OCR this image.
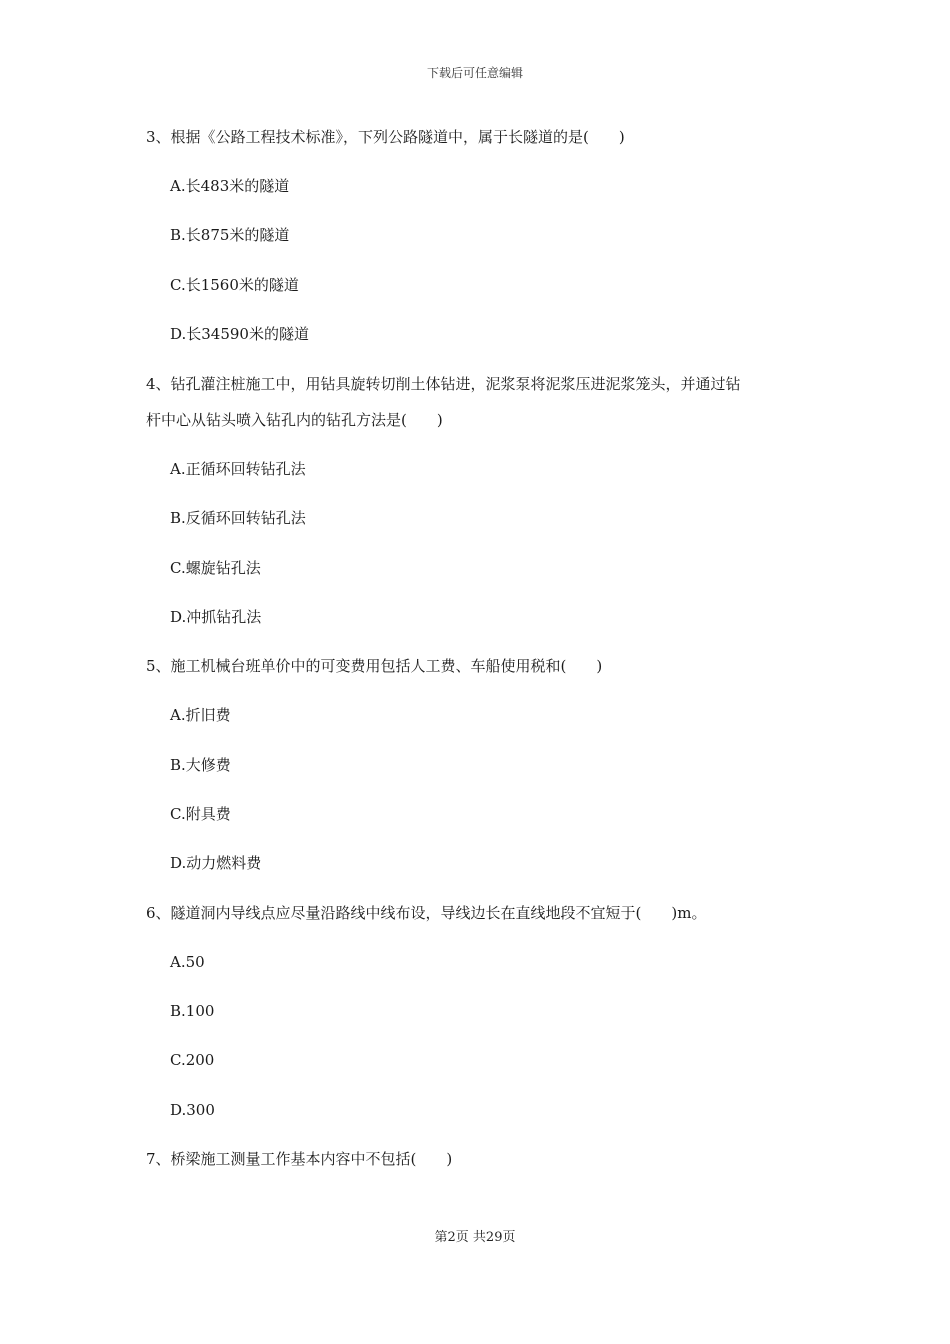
下载后可任意编辑
3、根据《公路工程技术标准》，下列公路隧道中，属于长隧道的是(　　)
A.长483米的隧道
B.长875米的隧道
C.长1560米的隧道
D.长34590米的隧道
4、钻孔灌注桩施工中，用钻具旋转切削土体钻进，泥浆泵将泥浆压进泥浆笼头，并通过钻
杆中心从钻头喷入钻孔内的钻孔方法是(　　)
A.正循环回转钻孔法
B.反循环回转钻孔法
C.螺旋钻孔法
D.冲抓钻孔法
5、施工机械台班单价中的可变费用包括人工费、车船使用税和(　　)
A.折旧费
B.大修费
C.附具费
D.动力燃料费
6、隧道洞内导线点应尽量沿路线中线布设，导线边长在直线地段不宜短于(　　)m。
A.50
B.100
C.200
D.300
7、桥梁施工测量工作基本内容中不包括(　　)
第2页 共29页
